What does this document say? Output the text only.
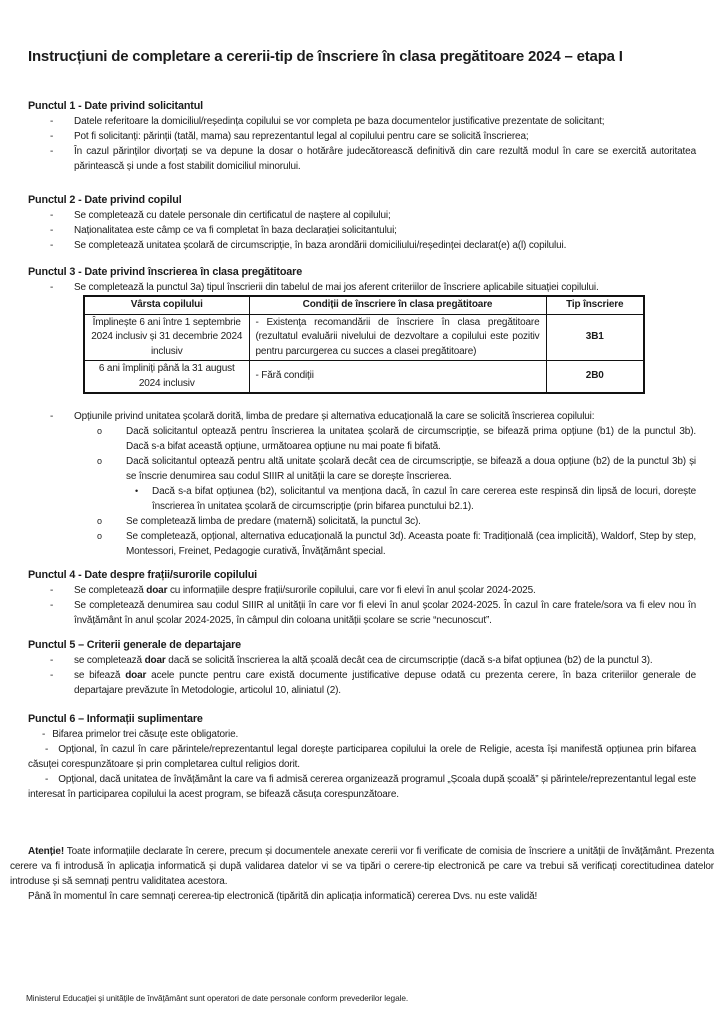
Instrucțiuni de completare a cererii-tip de înscriere în clasa pregătitoare 2024 – etapa I

Punctul 1 - Date privind solicitantul

-	Datele referitoare la domiciliul/reședința copilului se vor completa pe baza documentelor justificative prezentate de solicitant;
-	Pot fi solicitanți: părinții (tatăl, mama) sau reprezentantul legal al copilului pentru care se solicită înscrierea;
-	În cazul părinților divorțați se va depune la dosar o hotărâre judecătorească definitivă din care rezultă modul în care se exercită autoritatea părintească și unde a fost stabilit domiciliul minorului.

Punctul 2 - Date privind copilul

-	Se completează cu datele personale din certificatul de naștere al copilului;
-	Naționalitatea este câmp ce va fi completat în baza declarației solicitantului;
-	Se completează unitatea școlară de circumscripție, în baza arondării domiciliului/reședinței declarat(e) a(l) copilului.

Punctul 3 - Date privind înscrierea în clasa pregătitoare

-	Se completează la punctul 3a) tipul înscrierii din tabelul de mai jos aferent criteriilor de înscriere aplicabile situației copilului.
Vârsta copilului	Condiții de înscriere în clasa pregătitoare	Tip înscriere
Împlinește 6 ani între 1 septembrie 2024 inclusiv și 31 decembrie 2024 inclusiv	- Existența recomandării de înscriere în clasa pregătitoare (rezultatul evaluării nivelului de dezvoltare a copilului este pozitiv pentru parcurgerea cu succes a clasei pregătitoare)	3B1
6 ani împliniți până la 31 august 2024 inclusiv	- Fără condiții	2B0
-	Opțiunile privind unitatea școlară dorită, limba de predare și alternativa educațională la care se solicită înscrierea copilului:
o	Dacă solicitantul optează pentru înscrierea la unitatea școlară de circumscripție, se bifează prima opțiune (b1) de la punctul 3b). Dacă s-a bifat această opțiune, următoarea opțiune nu mai poate fi bifată.
o	Dacă solicitantul optează pentru altă unitate școlară decât cea de circumscripție, se bifează a doua opțiune (b2) de la punctul 3b) și se înscrie denumirea sau codul SIIIR al unității la care se dorește înscrierea.
•	Dacă s-a bifat opțiunea (b2), solicitantul va menționa dacă, în cazul în care cererea este respinsă din lipsă de locuri, dorește înscrierea în unitatea școlară de circumscripție (prin bifarea punctului b2.1).
o	Se completează limba de predare (maternă) solicitată, la punctul 3c).
o	Se completează, opțional, alternativa educațională la punctul 3d). Aceasta poate fi: Tradițională (cea implicită), Waldorf, Step by step, Montessori, Freinet, Pedagogie curativă, Învățământ special.

Punctul 4 - Date despre frații/surorile copilului

-	Se completează doar cu informațiile despre frații/surorile copilului, care vor fi elevi în anul școlar 2024-2025.
-	Se completează denumirea sau codul SIIIR al unității în care vor fi elevi în anul școlar 2024-2025. În cazul în care fratele/sora va fi elev nou în învățământ în anul școlar 2024-2025, în câmpul din coloana unității școlare se scrie “necunoscut”.

Punctul 5 – Criterii generale de departajare

-	se completează doar dacă se solicită înscrierea la altă școală decât cea de circumscripție (dacă s-a bifat opțiunea (b2) de la punctul 3).
-	se bifează doar acele puncte pentru care există documente justificative depuse odată cu prezenta cerere, în baza criteriilor generale de departajare prevăzute în Metodologie, articolul 10, aliniatul (2).

Punctul 6 – Informații suplimentare

- Bifarea primelor trei căsuțe este obligatorie.

- Opțional, în cazul în care părintele/reprezentantul legal dorește participarea copilului la orele de Religie, acesta își manifestă opțiunea prin bifarea căsuței corespunzătoare și prin completarea cultul religios dorit.

- Opțional, dacă unitatea de învățământ la care va fi admisă cererea organizează programul „Școala după școală” și părintele/reprezentantul legal este interesat în participarea copilului la acest program, se bifează căsuța corespunzătoare.

Atenție! Toate informațiile declarate în cerere, precum și documentele anexate cererii vor fi verificate de comisia de înscriere a unității de învățământ. Prezenta cerere va fi introdusă în aplicația informatică și după validarea datelor vi se va tipări o cerere-tip electronică pe care va trebui să verificați corectitudinea datelor introduse și să semnați pentru validitatea acestora.

Până în momentul în care semnați cererea-tip electronică (tipărită din aplicația informatică) cererea Dvs. nu este validă!

Ministerul Educației și unitățile de învățământ sunt operatori de date personale conform prevederilor legale.
